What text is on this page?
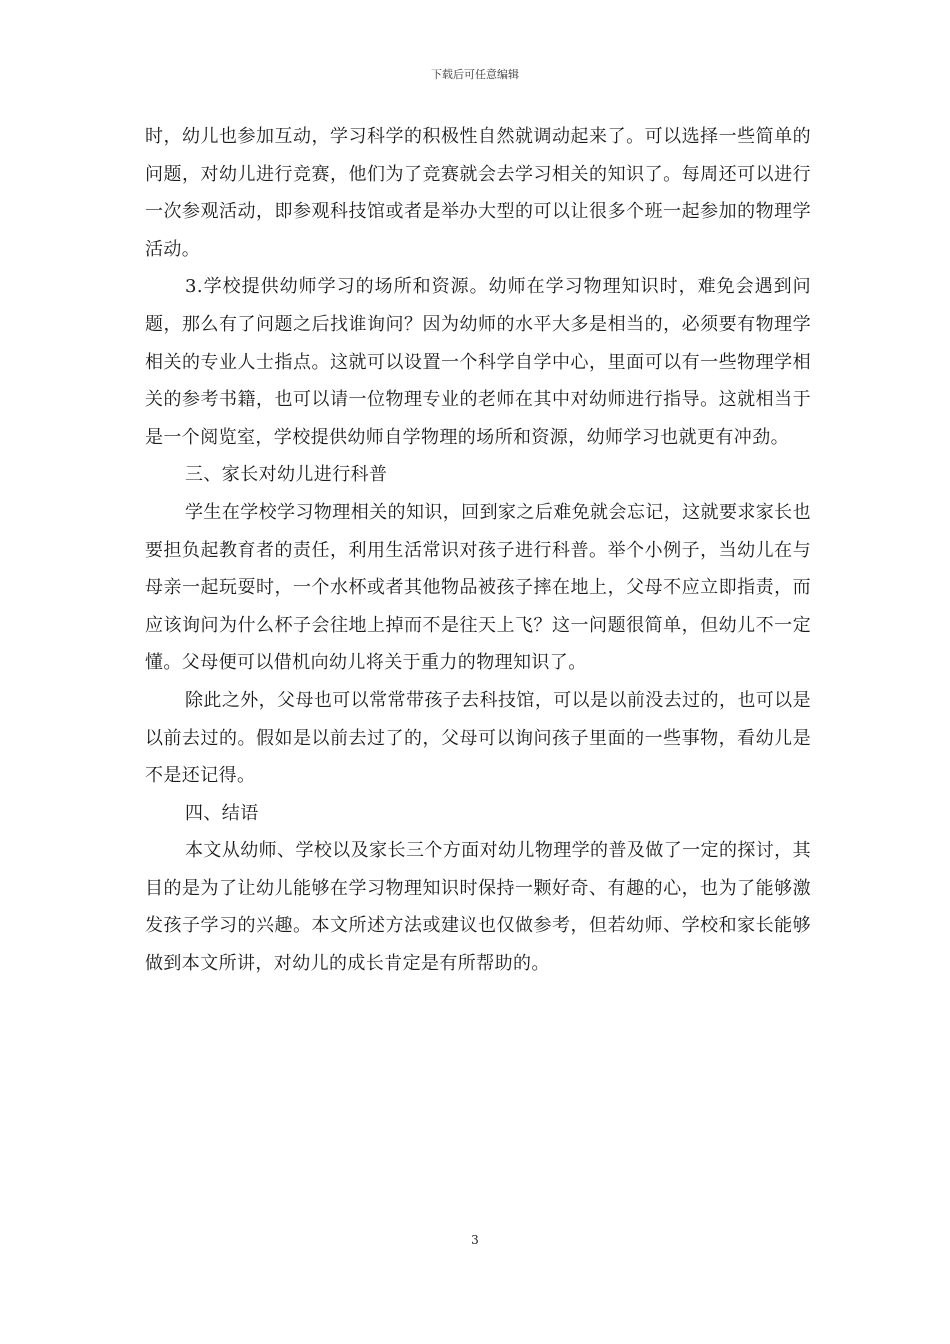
下载后可任意编辑

时，幼儿也参加互动，学习科学的积极性自然就调动起来了。可以选择一些简单的问题，对幼儿进行竞赛，他们为了竞赛就会去学习相关的知识了。每周还可以进行一次参观活动，即参观科技馆或者是举办大型的可以让很多个班一起参加的物理学活动。

3.学校提供幼师学习的场所和资源。幼师在学习物理知识时，难免会遇到问题，那么有了问题之后找谁询问？因为幼师的水平大多是相当的，必须要有物理学相关的专业人士指点。这就可以设置一个科学自学中心，里面可以有一些物理学相关的参考书籍，也可以请一位物理专业的老师在其中对幼师进行指导。这就相当于是一个阅览室，学校提供幼师自学物理的场所和资源，幼师学习也就更有冲劲。

三、家长对幼儿进行科普

学生在学校学习物理相关的知识，回到家之后难免就会忘记，这就要求家长也要担负起教育者的责任，利用生活常识对孩子进行科普。举个小例子，当幼儿在与母亲一起玩耍时，一个水杯或者其他物品被孩子摔在地上，父母不应立即指责，而应该询问为什么杯子会往地上掉而不是往天上飞？这一问题很简单，但幼儿不一定懂。父母便可以借机向幼儿将关于重力的物理知识了。

除此之外，父母也可以常常带孩子去科技馆，可以是以前没去过的，也可以是以前去过的。假如是以前去过了的，父母可以询问孩子里面的一些事物，看幼儿是不是还记得。

四、结语

本文从幼师、学校以及家长三个方面对幼儿物理学的普及做了一定的探讨，其目的是为了让幼儿能够在学习物理知识时保持一颗好奇、有趣的心，也为了能够激发孩子学习的兴趣。本文所述方法或建议也仅做参考，但若幼师、学校和家长能够做到本文所讲，对幼儿的成长肯定是有所帮助的。

3
